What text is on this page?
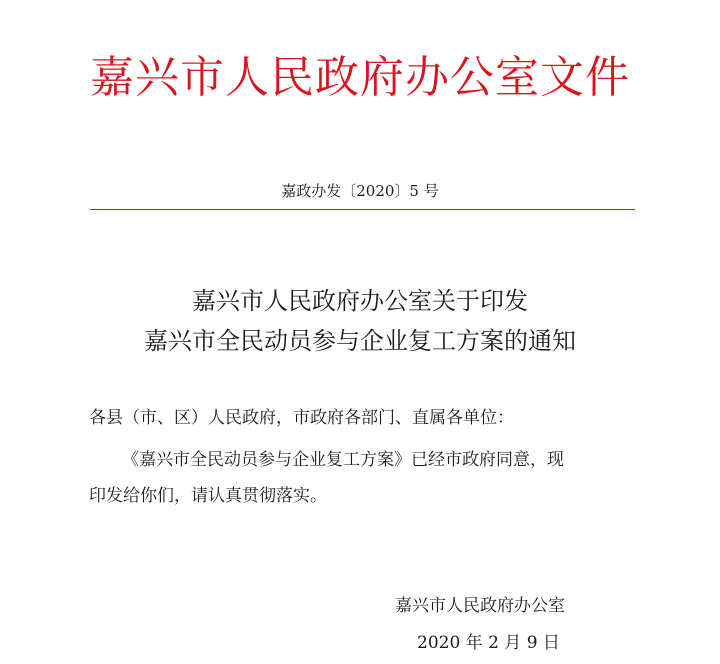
嘉兴市人民政府办公室文件
嘉政办发〔2020〕5 号
嘉兴市人民政府办公室关于印发
嘉兴市全民动员参与企业复工方案的通知
各县（市、区）人民政府，市政府各部门、直属各单位：
《嘉兴市全民动员参与企业复工方案》已经市政府同意，现
印发给你们，请认真贯彻落实。
嘉兴市人民政府办公室
2020 年 2 月 9 日
